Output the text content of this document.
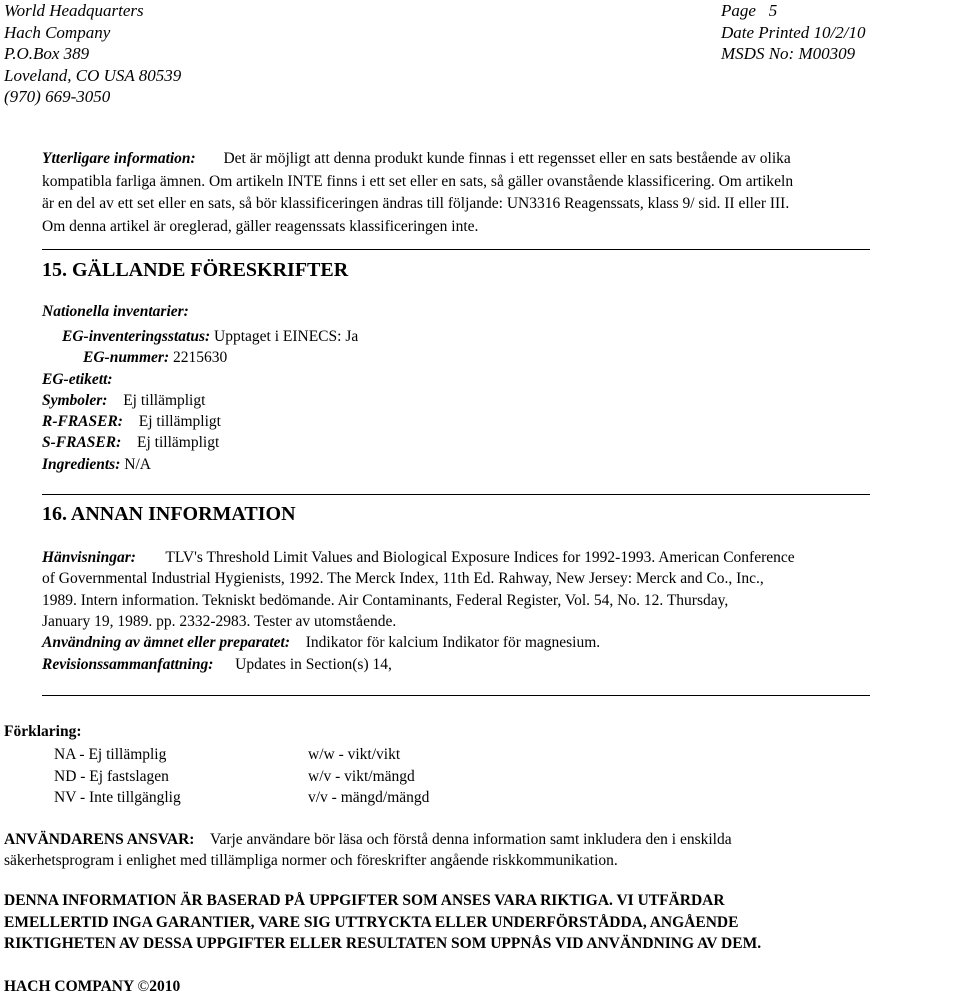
World Headquarters
Hach Company
P.O.Box 389
Loveland, CO USA 80539
(970) 669-3050
Page 5
Date Printed 10/2/10
MSDS No: M00309
Ytterligare information: Det är möjligt att denna produkt kunde finnas i ett regensset eller en sats bestående av olika
kompatibla farliga ämnen. Om artikeln INTE finns i ett set eller en sats, så gäller ovanstående klassificering. Om artikeln
är en del av ett set eller en sats, så bör klassificeringen ändras till följande: UN3316 Reagenssats, klass 9/ sid. II eller III.
Om denna artikel är oreglerad, gäller reagenssats klassificeringen inte.
15. GÄLLANDE FÖRESKRIFTER
Nationella inventarier:
EG-inventeringsstatus: Upptaget i EINECS: Ja
EG-nummer: 2215630
EG-etikett:
Symboler: Ej tillämpligt
R-FRASER: Ej tillämpligt
S-FRASER: Ej tillämpligt
Ingredients: N/A
16. ANNAN INFORMATION
Hänvisningar: TLV's Threshold Limit Values and Biological Exposure Indices for 1992-1993. American Conference
of Governmental Industrial Hygienists, 1992. The Merck Index, 11th Ed. Rahway, New Jersey: Merck and Co., Inc.,
1989. Intern information. Tekniskt bedömande. Air Contaminants, Federal Register, Vol. 54, No. 12. Thursday,
January 19, 1989. pp. 2332-2983. Tester av utomstående.
Användning av ämnet eller preparatet: Indikator för kalcium Indikator för magnesium.
Revisionssammanfattning: Updates in Section(s) 14,
Förklaring:
NA - Ej tillämplig
ND - Ej fastslagen
NV - Inte tillgänglig
w/w - vikt/vikt
w/v - vikt/mängd
v/v - mängd/mängd
ANVÄNDARENS ANSVAR: Varje användare bör läsa och förstå denna information samt inkludera den i enskilda
säkerhetsprogram i enlighet med tillämpliga normer och föreskrifter angående riskkommunikation.
DENNA INFORMATION ÄR BASERAD PÅ UPPGIFTER SOM ANSES VARA RIKTIGA. VI UTFÄRDAR
EMELLERTID INGA GARANTIER, VARE SIG UTTRYCKTA ELLER UNDERFÖRSTÅDDA, ANGÅENDE
RIKTIGHETEN AV DESSA UPPGIFTER ELLER RESULTATEN SOM UPPNÅS VID ANVÄNDNING AV DEM.
HACH COMPANY ©2010
